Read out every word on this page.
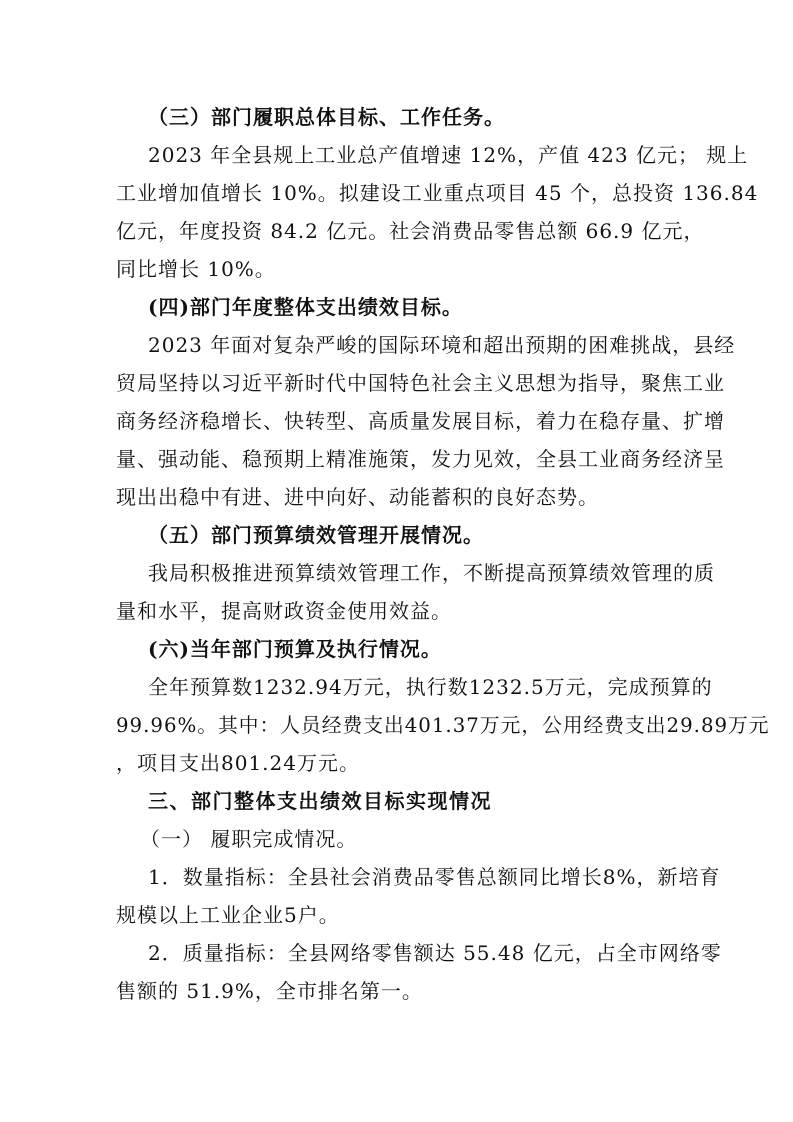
（三）部门履职总体目标、工作任务。
2023 年全县规上工业总产值增速 12%，产值 423 亿元； 规上
工业增加值增长 10%。拟建设工业重点项目 45 个，总投资 136.84
亿元，年度投资 84.2 亿元。社会消费品零售总额 66.9 亿元，
同比增长 10%。
(四)部门年度整体支出绩效目标。
2023 年面对复杂严峻的国际环境和超出预期的困难挑战，县经
贸局坚持以习近平新时代中国特色社会主义思想为指导，聚焦工业
商务经济稳增长、快转型、高质量发展目标，着力在稳存量、扩增
量、强动能、稳预期上精准施策，发力见效，全县工业商务经济呈
现出出稳中有进、进中向好、动能蓄积的良好态势。
（五）部门预算绩效管理开展情况。
我局积极推进预算绩效管理工作，不断提高预算绩效管理的质
量和水平，提高财政资金使用效益。
(六)当年部门预算及执行情况。
全年预算数1232.94万元，执行数1232.5万元，完成预算的
99.96%。其中：人员经费支出401.37万元，公用经费支出29.89万元
，项目支出801.24万元。
三、部门整体支出绩效目标实现情况
（一） 履职完成情况。
1．数量指标：全县社会消费品零售总额同比增长8%，新培育
规模以上工业企业5户。
2．质量指标：全县网络零售额达 55.48 亿元，占全市网络零
售额的 51.9%，全市排名第一。
